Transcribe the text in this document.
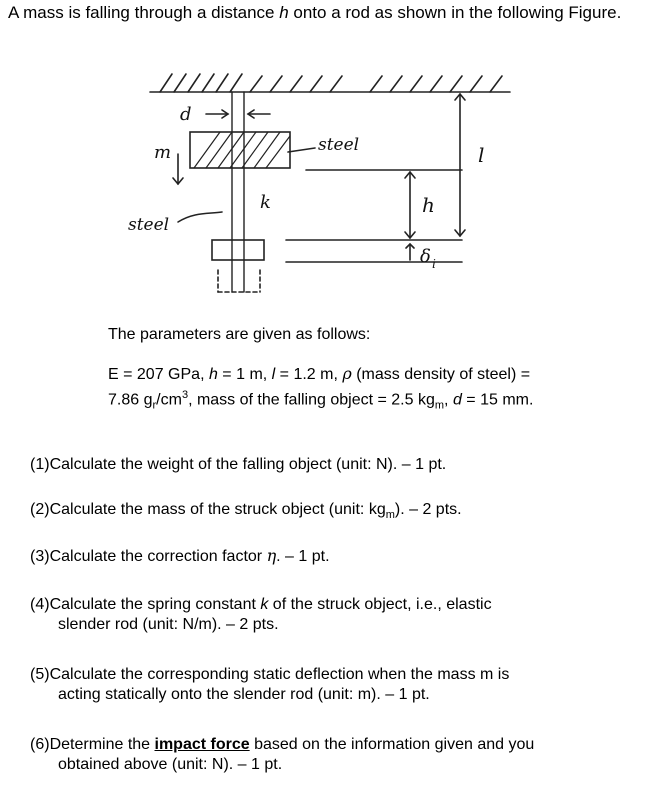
A mass is falling through a distance h onto a rod as shown in the following Figure.
d
m	steel
steel
k	h
l
δ i
The parameters are given as follows:
E = 207 GPa, h = 1 m, l = 1.2 m, ρ (mass density of steel) =
7.86 $g_r/cm^3$, mass of the falling object = 2.5 $kg_m$, d = 15 mm.
(1)Calculate the weight of the falling object (unit: N). – 1 pt.
(2)Calculate the mass of the struck object (unit: $kg_m$). – 2 pts.
(3)Calculate the correction factor η. – 1 pt.
(4)Calculate the spring constant k of the struck object, i.e., elastic
slender rod (unit: N/m). – 2 pts.
(5)Calculate the corresponding static deflection when the mass m is
acting statically onto the slender rod (unit: m). – 1 pt.
(6)Determine the impact force based on the information given and you
obtained above (unit: N). – 1 pt.
